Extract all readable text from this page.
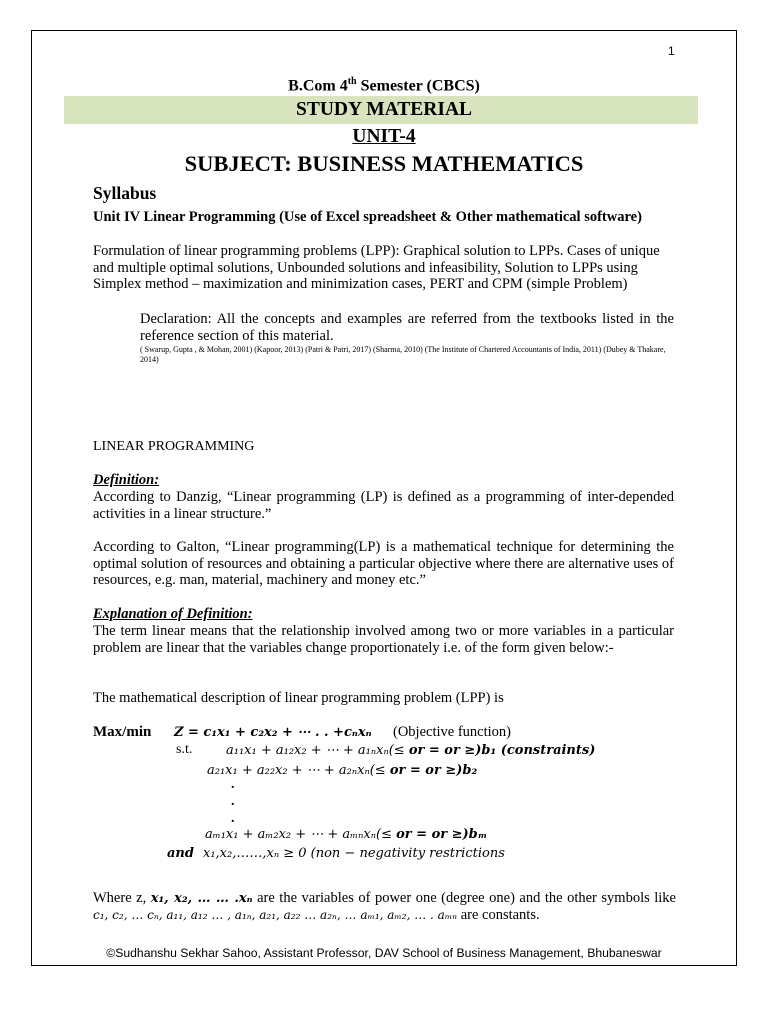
1
B.Com 4th Semester (CBCS)
STUDY MATERIAL
UNIT-4
SUBJECT: BUSINESS MATHEMATICS
Syllabus
Unit IV Linear Programming (Use of Excel spreadsheet & Other mathematical software)
Formulation of linear programming problems (LPP): Graphical solution to LPPs. Cases of unique and multiple optimal solutions, Unbounded solutions and infeasibility, Solution to LPPs using Simplex method – maximization and minimization cases, PERT and CPM (simple Problem)
Declaration: All the concepts and examples are referred from the textbooks listed in the reference section of this material.
( Swarup, Gupta , & Mohan, 2001) (Kapoor, 2013) (Patri & Patri, 2017) (Sharma, 2010) (The Institute of Chartered Accountants of India, 2011) (Dubey & Thakare, 2014)
LINEAR PROGRAMMING
Definition:
According to Danzig, “Linear programming (LP) is defined as a programming of inter-depended activities in a linear structure.”
According to Galton, “Linear programming(LP) is a mathematical technique for determining the optimal solution of resources and obtaining a particular objective where there are alternative uses of resources, e.g. man, material, machinery and money etc.”
Explanation of Definition:
The term linear means that the relationship involved among two or more variables in a particular problem are linear that the variables change proportionately i.e. of the form given below:-
The mathematical description of linear programming problem (LPP) is
Max/min Z = c₁x₁ + c₂x₂ + ⋯ . . +cₙxₙ (Objective function)
s.t.	a₁₁x₁ + a₁₂x₂ + ⋯ + a₁ₙxₙ(≤ or = or ≥)b₁ (constraints)
a₂₁x₁ + a₂₂x₂ + ⋯ + a₂ₙxₙ(≤ or = or ≥)b₂
.
.
.
aₘ₁x₁ + aₘ₂x₂ + ⋯ + aₘₙxₙ(≤ or = or ≥)bₘ
and x₁,x₂,……,xₙ ≥ 0 (non − negativity restrictions
Where z, x₁, x₂, … … .xₙ are the variables of power one (degree one) and the other symbols like c₁, c₂, … cₙ, a₁₁, a₁₂ … , a₁ₙ, a₂₁, a₂₂ … a₂ₙ, … aₘ₁, aₘ₂, … . aₘₙ are constants.
©Sudhanshu Sekhar Sahoo, Assistant Professor, DAV School of Business Management, Bhubaneswar
